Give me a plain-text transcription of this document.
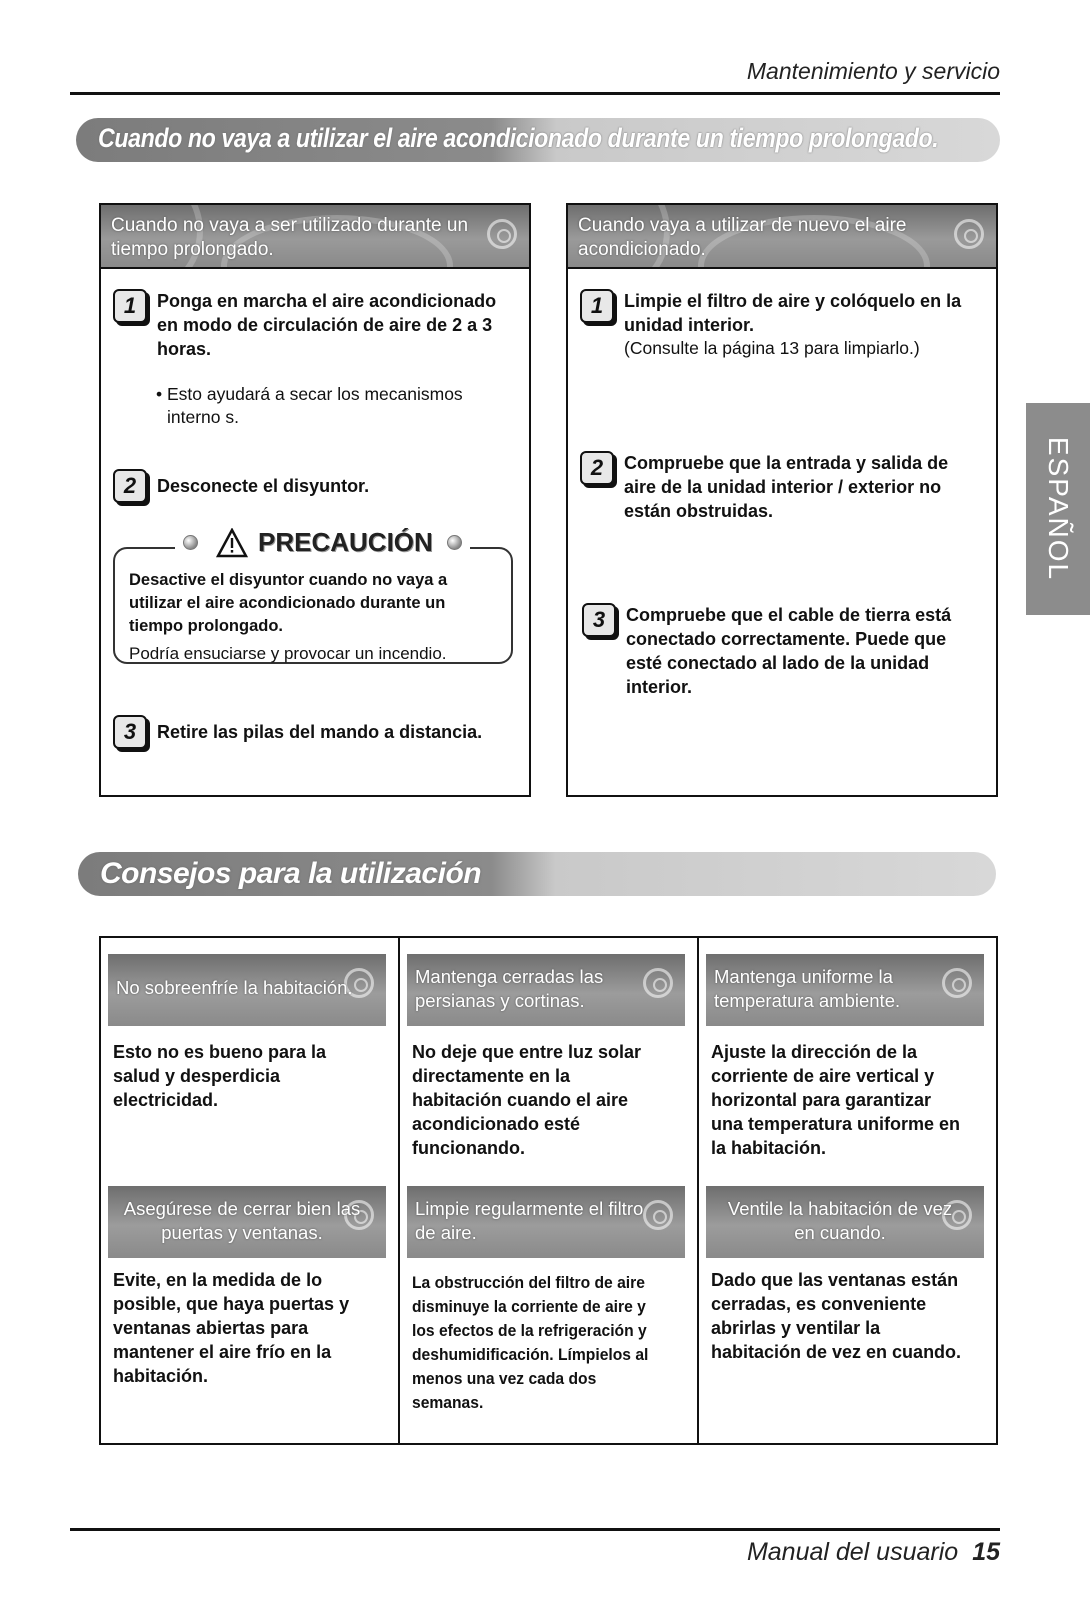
Mantenimiento y servicio
Cuando no vaya a utilizar el aire acondicionado durante un tiempo prolongado.
Cuando no vaya a ser utilizado durante un
tiempo prolongado.
1	Ponga en marcha el aire acondicionado
en modo de circulación de aire de 2 a 3
horas.
• Esto ayudará a secar los mecanismos
interno s.
2	Desconecte el disyuntor.
PRECAUCIÓN
Desactive el disyuntor cuando no vaya a
utilizar el aire acondicionado durante un
tiempo prolongado.
Podría ensuciarse y provocar un incendio.
3	Retire las pilas del mando a distancia.
Cuando vaya a utilizar de nuevo el aire
acondicionado.
1	Limpie el filtro de aire y colóquelo en la
unidad interior.
(Consulte la página 13 para limpiarlo.)
2	Compruebe que la entrada y salida de
aire de la unidad interior / exterior no
están obstruidas.
3	Compruebe que el cable de tierra está
conectado correctamente. Puede que
esté conectado al lado de la unidad
interior.
ESPAÑOL
Consejos para la utilización
No sobreenfríe la habitación.
Esto no es bueno para la
salud y desperdicia
electricidad.
Asegúrese de cerrar bien las
puertas y ventanas.
Evite, en la medida de lo
posible, que haya puertas y
ventanas abiertas para
mantener el aire frío en la
habitación.
Mantenga cerradas las
persianas y cortinas.
No deje que entre luz solar
directamente en la
habitación cuando el aire
acondicionado esté
funcionando.
Limpie regularmente el filtro
de aire.
La obstrucción del filtro de aire
disminuye la corriente de aire y
los efectos de la refrigeración y
deshumidificación. Límpielos al
menos una vez cada dos
semanas.
Mantenga uniforme la
temperatura ambiente.
Ajuste la dirección de la
corriente de aire vertical y
horizontal para garantizar
una temperatura uniforme en
la habitación.
Ventile la habitación de vez
en cuando.
Dado que las ventanas están
cerradas, es conveniente
abrirlas y ventilar la
habitación de vez en cuando.
Manual del usuario 15
